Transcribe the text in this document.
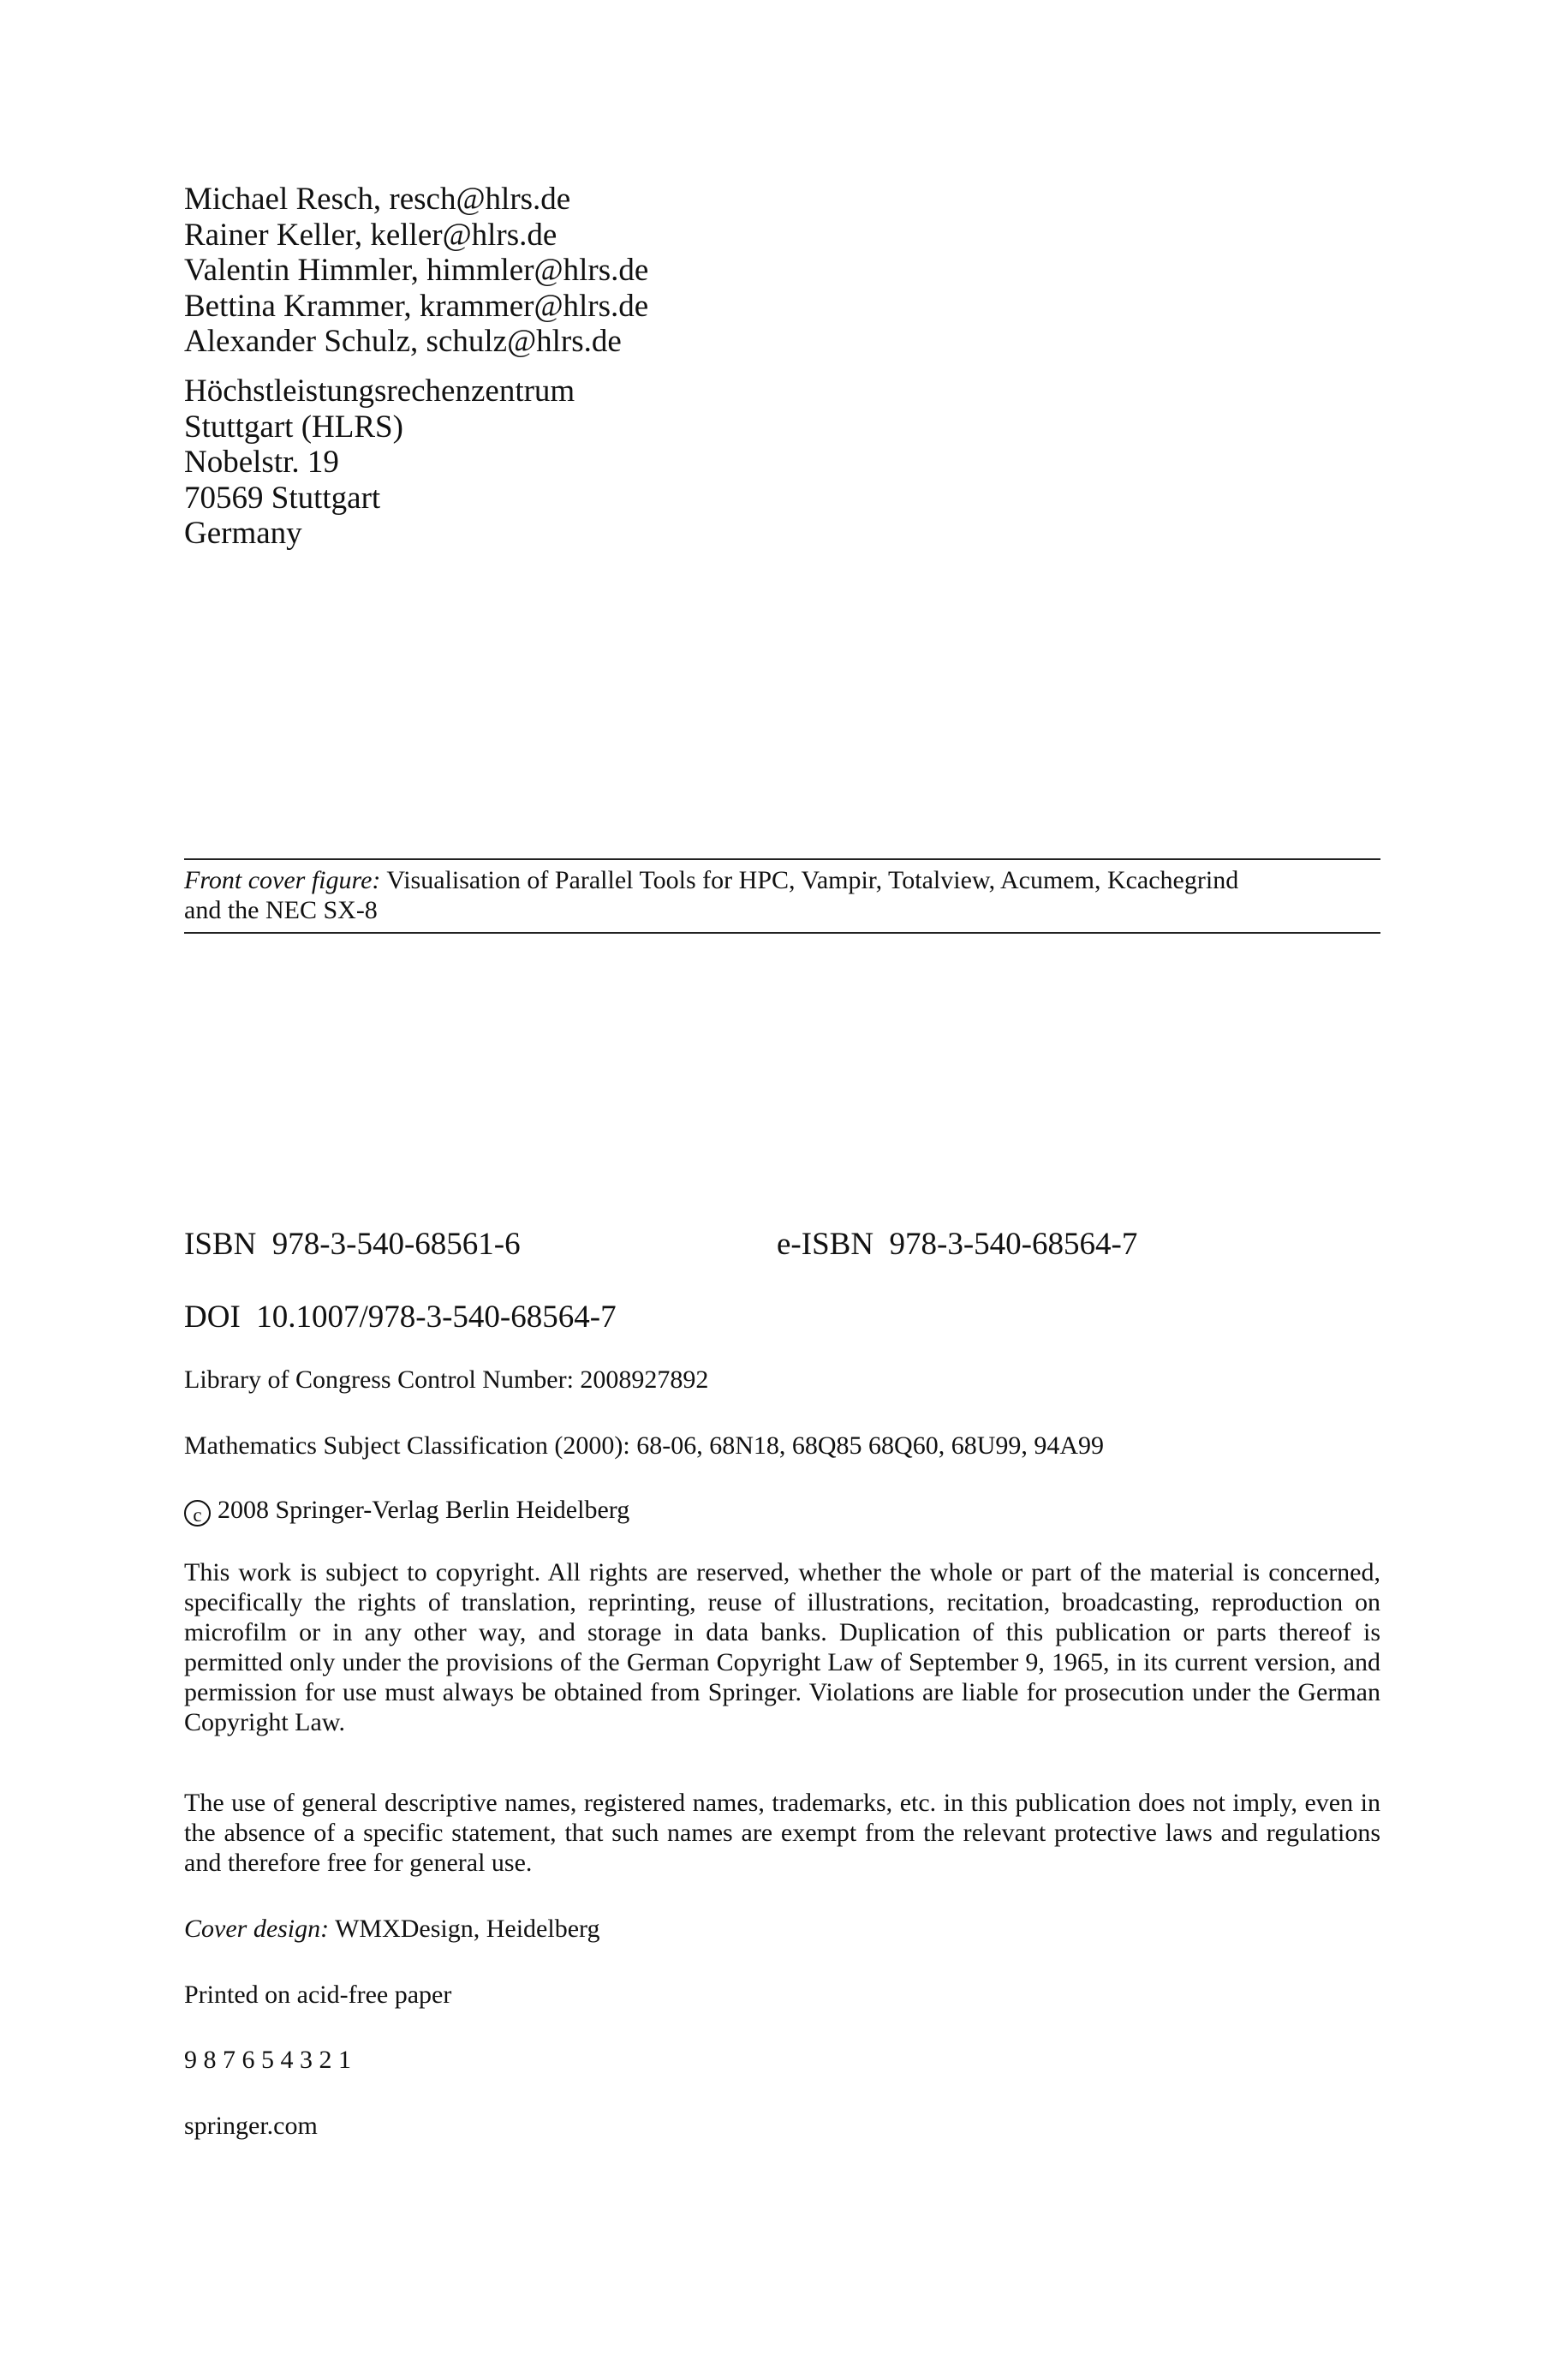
Michael Resch, resch@hlrs.de
Rainer Keller, keller@hlrs.de
Valentin Himmler, himmler@hlrs.de
Bettina Krammer, krammer@hlrs.de
Alexander Schulz, schulz@hlrs.de
Höchstleistungsrechenzentrum
Stuttgart (HLRS)
Nobelstr. 19
70569 Stuttgart
Germany
Front cover figure: Visualisation of Parallel Tools for HPC, Vampir, Totalview, Acumem, Kcachegrind
and the NEC SX-8
ISBN  978-3-540-68561-6	e-ISBN  978-3-540-68564-7
DOI  10.1007/978-3-540-68564-7
Library of Congress Control Number: 2008927892
Mathematics Subject Classification (2000): 68-06, 68N18, 68Q85 68Q60, 68U99, 94A99
c 2008 Springer-Verlag Berlin Heidelberg
This work is subject to copyright. All rights are reserved, whether the whole or part of the material is concerned, specifically the rights of translation, reprinting, reuse of illustrations, recitation, broadcasting, reproduction on microfilm or in any other way, and storage in data banks. Duplication of this publication or parts thereof is permitted only under the provisions of the German Copyright Law of September 9, 1965, in its current version, and permission for use must always be obtained from Springer. Violations are liable for prosecution under the German Copyright Law.
The use of general descriptive names, registered names, trademarks, etc. in this publication does not imply, even in the absence of a specific statement, that such names are exempt from the relevant protective laws and regulations and therefore free for general use.
Cover design: WMXDesign, Heidelberg
Printed on acid-free paper
9 8 7 6 5 4 3 2 1
springer.com
